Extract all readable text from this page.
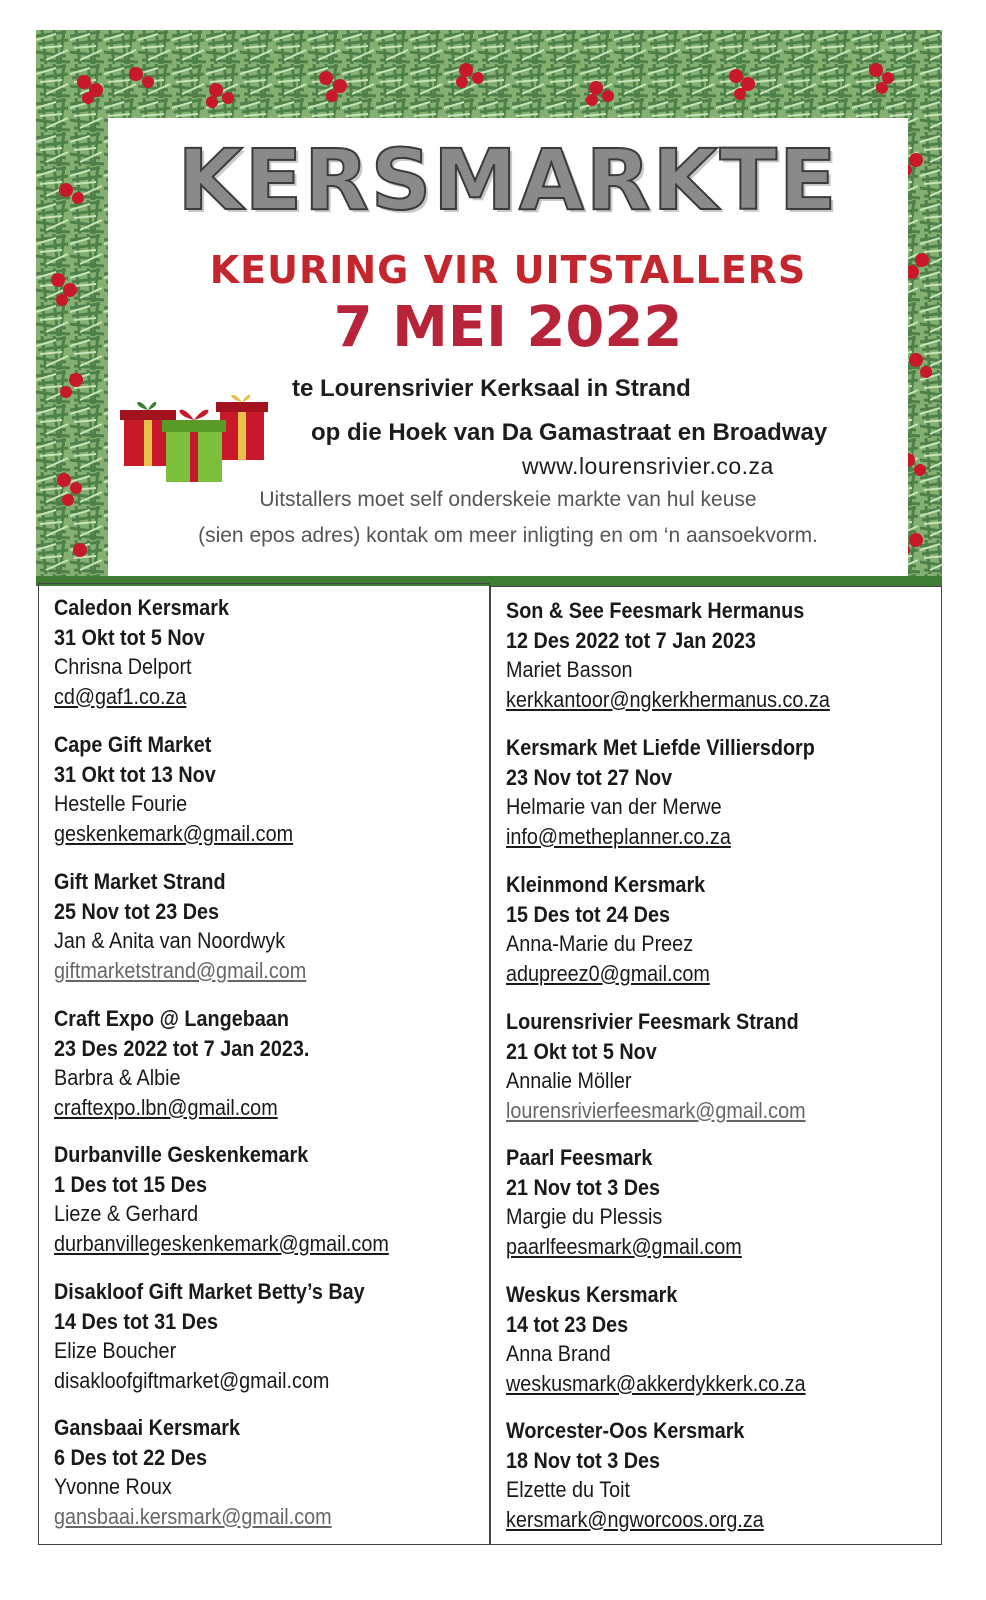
KERSMARKTE
KEURING VIR UITSTALLERS
7 MEI 2022
te Lourensrivier Kerksaal in Strand
op die Hoek van Da Gamastraat en Broadway
www.lourensrivier.co.za
Uitstallers moet self onderskeie markte van hul keuse
(sien epos adres) kontak om meer inligting en om ‘n aansoekvorm.
Caledon Kersmark
31 Okt tot 5 Nov
Chrisna Delport
cd@gaf1.co.za
Cape Gift Market
31 Okt tot 13 Nov
Hestelle Fourie
geskenkemark@gmail.com
Gift Market Strand
25 Nov tot 23 Des
Jan & Anita van Noordwyk
giftmarketstrand@gmail.com
Craft Expo @ Langebaan
23 Des 2022 tot 7 Jan 2023.
Barbra & Albie
craftexpo.lbn@gmail.com
Durbanville Geskenkemark
1 Des tot 15 Des
Lieze & Gerhard
durbanvillegeskenkemark@gmail.com
Disakloof Gift Market Betty’s Bay
14 Des tot 31 Des
Elize Boucher
disakloofgiftmarket@gmail.com
Gansbaai Kersmark
6 Des tot 22 Des
Yvonne Roux
gansbaai.kersmark@gmail.com
Son & See Feesmark Hermanus
12 Des 2022 tot 7 Jan 2023
Mariet Basson
kerkkantoor@ngkerkhermanus.co.za
Kersmark Met Liefde Villiersdorp
23 Nov tot 27 Nov
Helmarie van der Merwe
info@metheplanner.co.za
Kleinmond Kersmark
15 Des tot 24 Des
Anna-Marie du Preez
adupreez0@gmail.com
Lourensrivier Feesmark Strand
21 Okt tot 5 Nov
Annalie Möller
lourensrivierfeesmark@gmail.com
Paarl Feesmark
21 Nov tot 3 Des
Margie du Plessis
paarlfeesmark@gmail.com
Weskus Kersmark
14 tot 23 Des
Anna Brand
weskusmark@akkerdykkerk.co.za
Worcester-Oos Kersmark
18 Nov tot 3 Des
Elzette du Toit
kersmark@ngworcoos.org.za
